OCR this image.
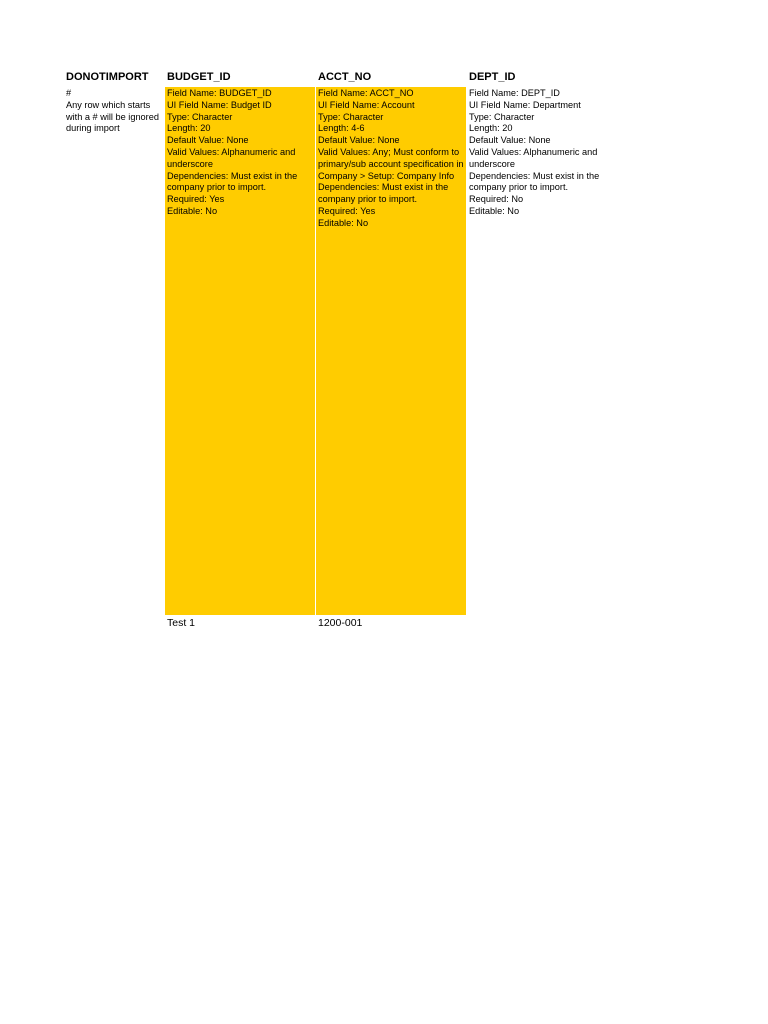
DONOTIMPORT
#
Any row which starts with a # will be ignored during import
BUDGET_ID
Field Name: BUDGET_ID
UI Field Name: Budget ID
Type: Character
Length: 20
Default Value: None
Valid Values: Alphanumeric and underscore
Dependencies: Must exist in the company prior to import.
Required: Yes
Editable: No
Test 1
ACCT_NO
Field Name: ACCT_NO
UI Field Name: Account
Type: Character
Length: 4-6
Default Value: None
Valid Values: Any; Must conform to primary/sub account specification in Company > Setup: Company Info
Dependencies: Must exist in the company prior to import.
Required: Yes
Editable: No
1200-001
DEPT_ID
Field Name: DEPT_ID
UI Field Name: Department
Type: Character
Length: 20
Default Value: None
Valid Values: Alphanumeric and underscore
Dependencies: Must exist in the company prior to import.
Required: No
Editable: No
